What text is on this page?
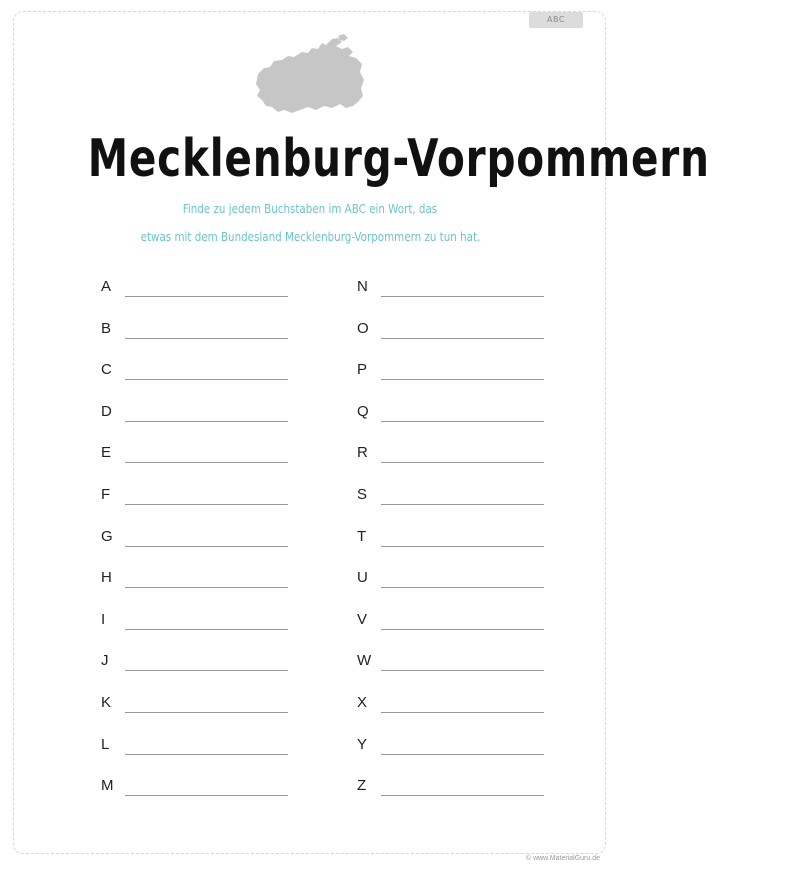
ABC
Mecklenburg-Vorpommern
Finde zu jedem Buchstaben im ABC ein Wort, das
etwas mit dem Bundesland Mecklenburg-Vorpommern zu tun hat.
A
B
C
D
E
F
G
H
I
J
K
L
M
N
O
P
Q
R
S
T
U
V
W
X
Y
Z
© www.MaterialGuru.de
